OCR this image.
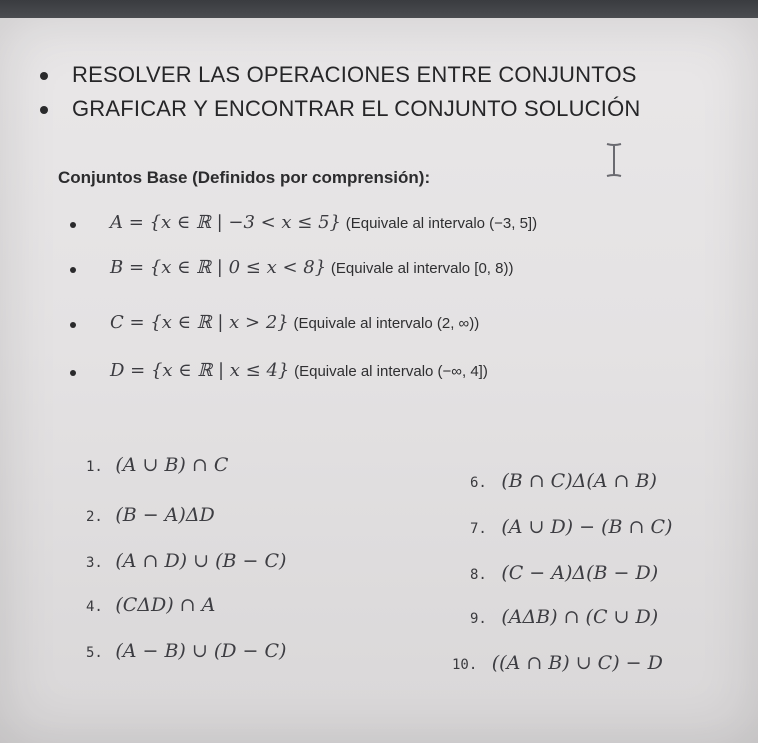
RESOLVER LAS OPERACIONES ENTRE CONJUNTOS
GRAFICAR Y ENCONTRAR EL CONJUNTO SOLUCIÓN
Conjuntos Base (Definidos por comprensión):
A = {x ∈ ℝ | −3 < x ≤ 5} (Equivale al intervalo (−3, 5])
B = {x ∈ ℝ | 0 ≤ x < 8} (Equivale al intervalo [0, 8))
C = {x ∈ ℝ | x > 2} (Equivale al intervalo (2, ∞))
D = {x ∈ ℝ | x ≤ 4} (Equivale al intervalo (−∞, 4])
1. (A ∪ B) ∩ C
2. (B − A)ΔD
3. (A ∩ D) ∪ (B − C)
4. (CΔD) ∩ A
5. (A − B) ∪ (D − C)
6. (B ∩ C)Δ(A ∩ B)
7. (A ∪ D) − (B ∩ C)
8. (C − A)Δ(B − D)
9. (AΔB) ∩ (C ∪ D)
10. ((A ∩ B) ∪ C) − D
